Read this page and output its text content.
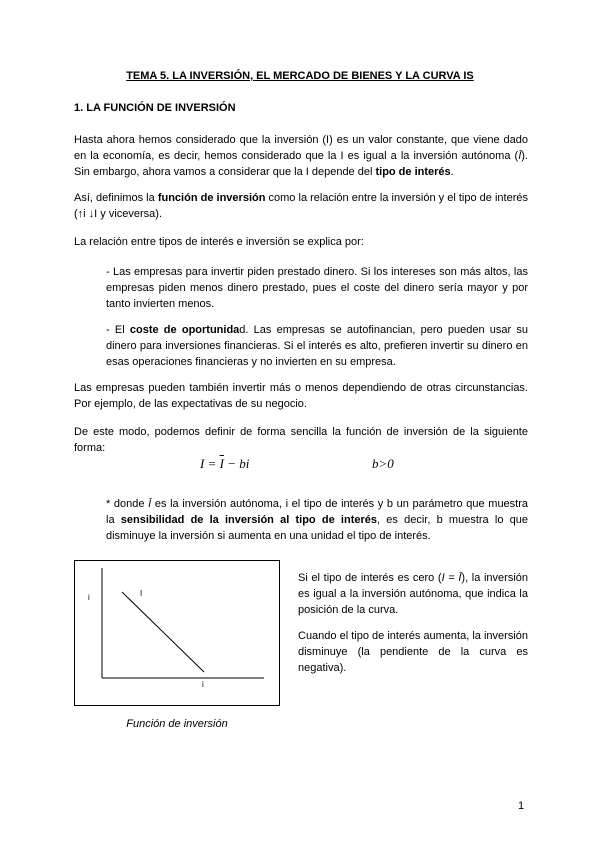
TEMA 5. LA INVERSIÓN, EL MERCADO DE BIENES Y LA CURVA IS
1. LA FUNCIÓN DE INVERSIÓN
Hasta ahora hemos considerado que la inversión (I) es un valor constante, que viene dado en la economía, es decir, hemos considerado que la I es igual a la inversión autónoma (Ī). Sin embargo, ahora vamos a considerar que la I depende del tipo de interés.
Así, definimos la función de inversión como la relación entre la inversión y el tipo de interés (↑i ↓I y viceversa).
La relación entre tipos de interés e inversión se explica por:
- Las empresas para invertir piden prestado dinero. Si los intereses son más altos, las empresas piden menos dinero prestado, pues el coste del dinero sería mayor y por tanto invierten menos.
- El coste de oportunidad. Las empresas se autofinancian, pero pueden usar su dinero para inversiones financieras. Si el interés es alto, prefieren invertir su dinero en esas operaciones financieras y no invierten en su empresa.
Las empresas pueden también invertir más o menos dependiendo de otras circunstancias. Por ejemplo, de las expectativas de su negocio.
De este modo, podemos definir de forma sencilla la función de inversión de la siguiente forma:
$I = \overline{I}$ − bi	b>0
* donde Ī es la inversión autónoma, i el tipo de interés y b un parámetro que muestra la sensibilidad de la inversión al tipo de interés, es decir, b muestra lo que disminuye la inversión si aumenta en una unidad el tipo de interés.
i	I
i
Función de inversión
Si el tipo de interés es cero (I = Ī), la inversión es igual a la inversión autónoma, que indica la posición de la curva.
Cuando el tipo de interés aumenta, la inversión disminuye (la pendiente de la curva es negativa).
1
